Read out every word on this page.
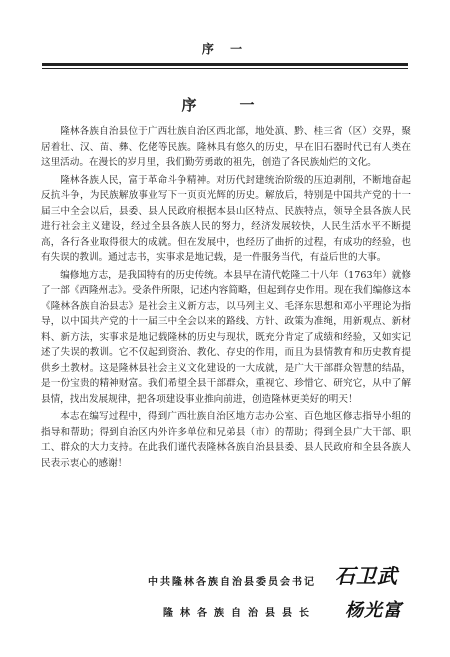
序 一
序　一

隆林各族自治县位于广西壮族自治区西北部，地处滇、黔、桂三省（区）交界，聚居着壮、汉、苗、彝、仡佬等民族。隆林具有悠久的历史，早在旧石器时代已有人类在这里活动。在漫长的岁月里，我们勤劳勇敢的祖先，创造了各民族灿烂的文化。

隆林各族人民，富于革命斗争精神。对历代封建统治阶级的压迫剥削，不断地奋起反抗斗争，为民族解放事业写下一页页光辉的历史。解放后，特别是中国共产党的十一届三中全会以后，县委、县人民政府根据本县山区特点、民族特点，领导全县各族人民进行社会主义建设，经过全县各族人民的努力，经济发展较快，人民生活水平不断提高，各行各业取得很大的成就。但在发展中，也经历了曲折的过程，有成功的经验，也有失误的教训。通过志书，实事求是地记载，是一件服务当代，有益后世的大事。

编修地方志，是我国特有的历史传统。本县早在清代乾隆二十八年（1763年）就修了一部《西隆州志》。受条件所限，记述内容简略，但起到存史作用。现在我们编修这本《隆林各族自治县志》是社会主义新方志，以马列主义、毛泽东思想和邓小平理论为指导，以中国共产党的十一届三中全会以来的路线、方针、政策为准绳，用新观点、新材料、新方法，实事求是地记载隆林的历史与现状，既充分肯定了成绩和经验，又如实记述了失误的教训。它不仅起到资治、教化、存史的作用，而且为县情教育和历史教育提供乡土教材。这是隆林县社会主义文化建设的一大成就，是广大干部群众智慧的结晶，是一份宝贵的精神财富。我们希望全县干部群众，重视它、珍惜它、研究它，从中了解县情，找出发展规律，把各项建设事业推向前进，创造隆林更美好的明天！

本志在编写过程中，得到广西壮族自治区地方志办公室、百色地区修志指导小组的指导和帮助；得到自治区内外许多单位和兄弟县（市）的帮助；得到全县广大干部、职工、群众的大力支持。在此我们谨代表隆林各族自治县县委、县人民政府和全县各族人民表示衷心的感谢！

中共隆林各族自治县委员会书记
隆林各族自治县县长
石卫武
杨光富
